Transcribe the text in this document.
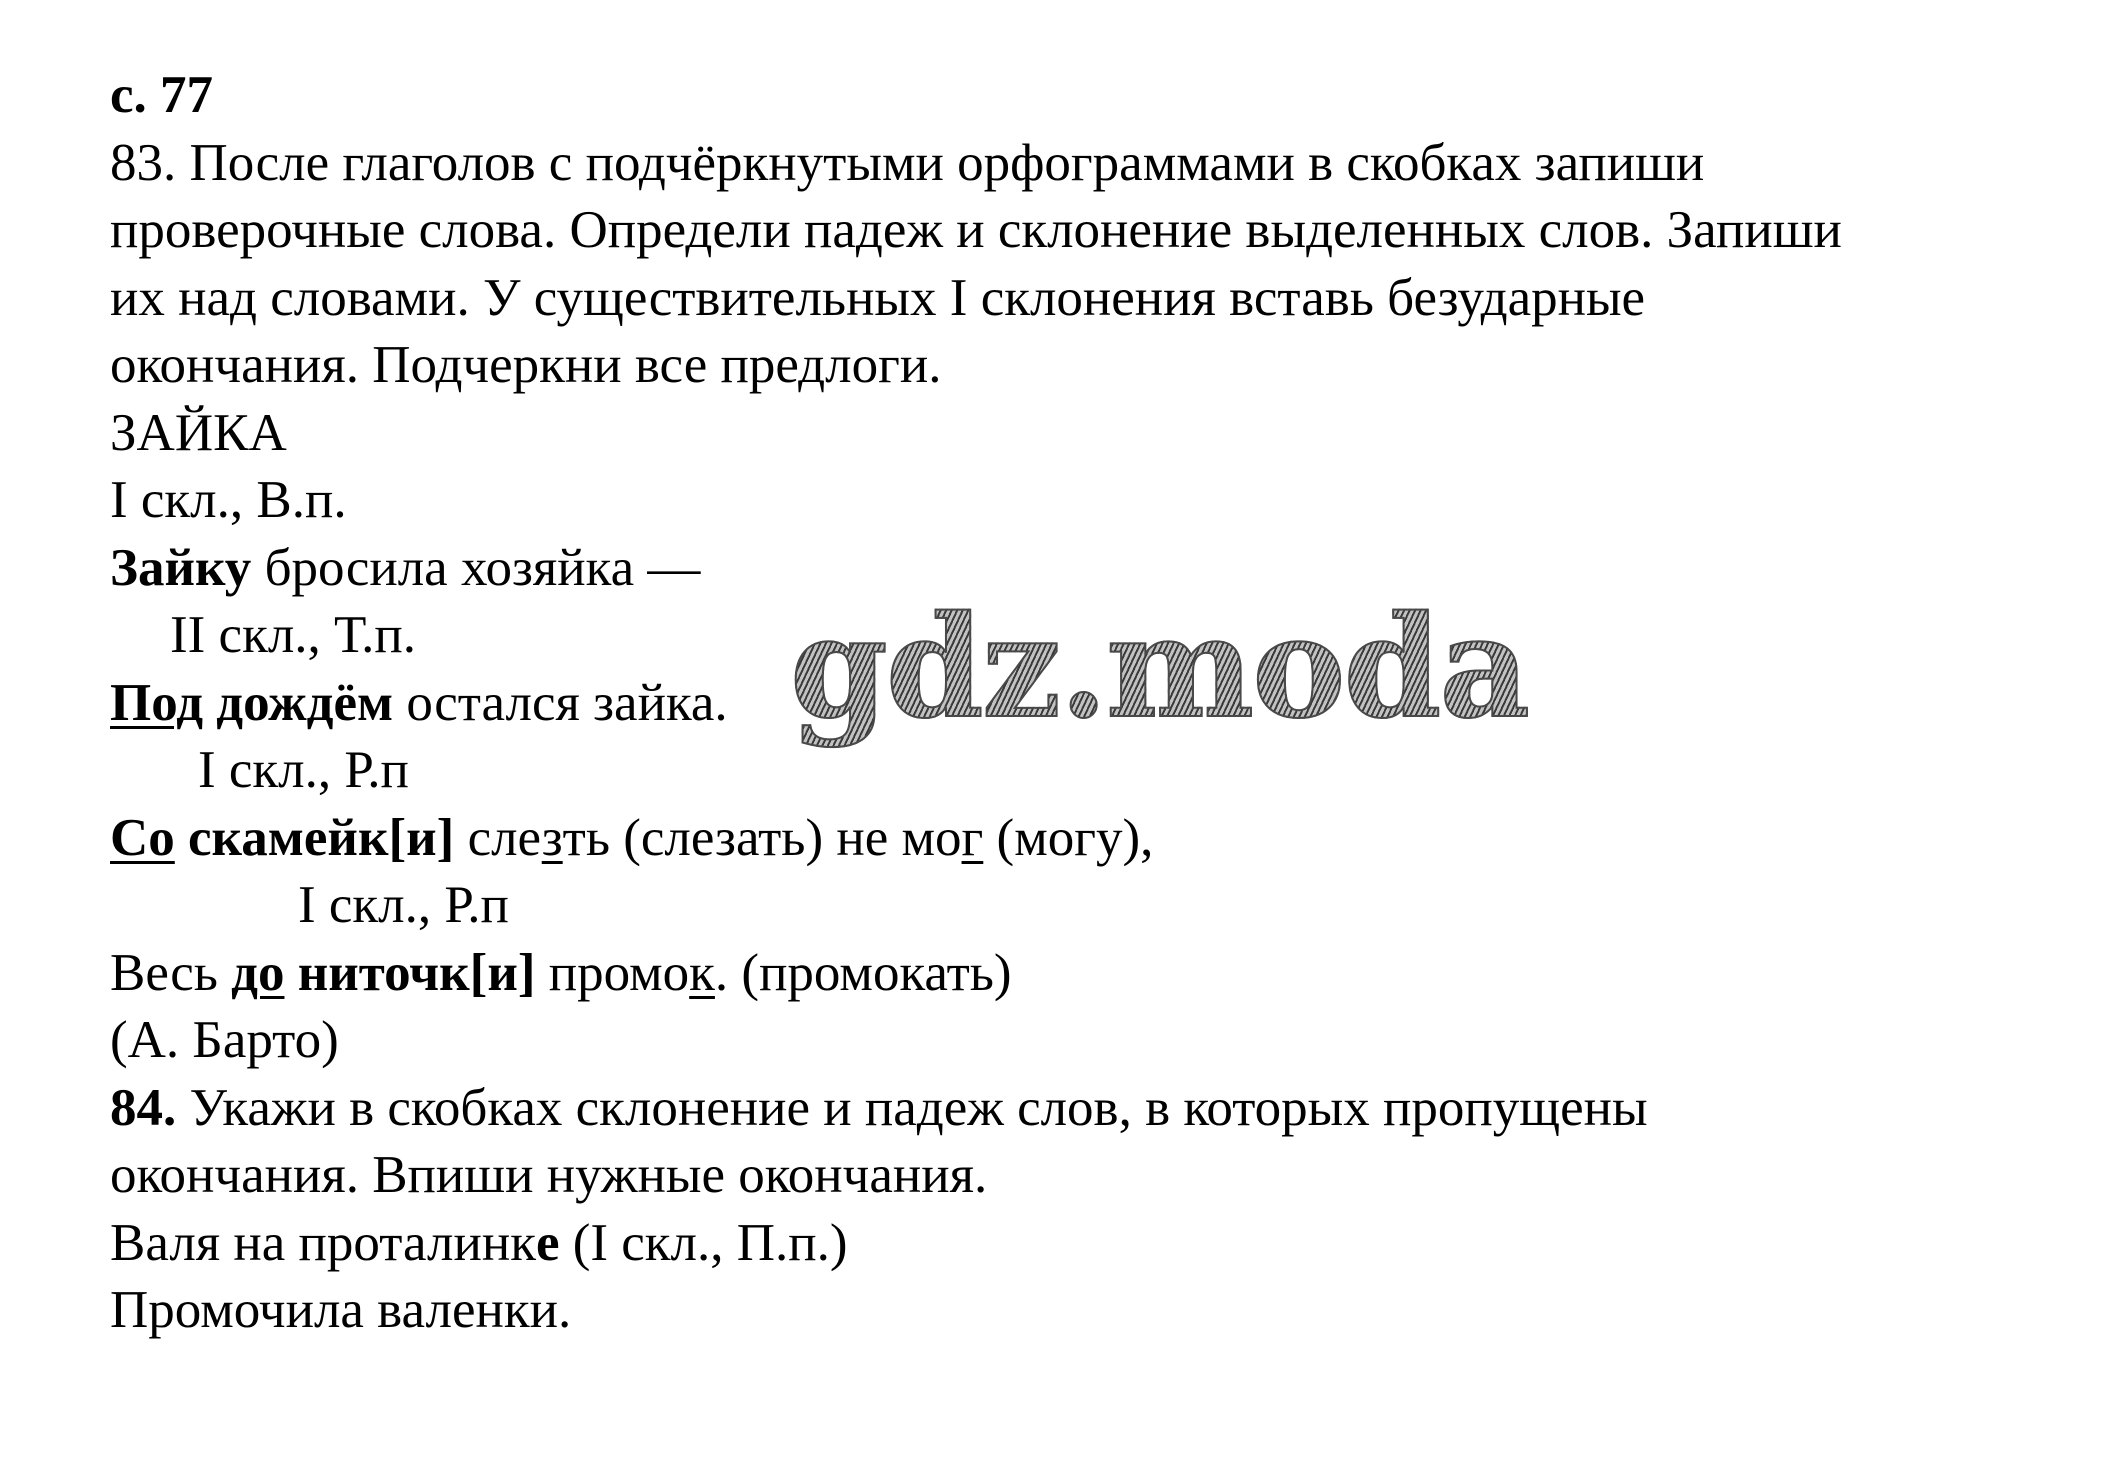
с. 77
83. После глаголов с подчёркнутыми орфограммами в скобках запиши
проверочные слова. Определи падеж и склонение выделенных слов. Запиши
их над словами. У существительных I склонения вставь безударные
окончания. Подчеркни все предлоги.
ЗАЙКА
I скл., В.п.
Зайку бросила хозяйка —
II скл., Т.п.
Под дождём остался зайка.
I скл., Р.п
Со скамейк[и] слезть (слезать) не мог (могу),
I скл., Р.п
Весь до ниточк[и] промок. (промокать)
(А. Барто)
84. Укажи в скобках склонение и падеж слов, в которых пропущены
окончания. Впиши нужные окончания.
Валя на проталинке (I скл., П.п.)
Промочила валенки.
gdz.moda
